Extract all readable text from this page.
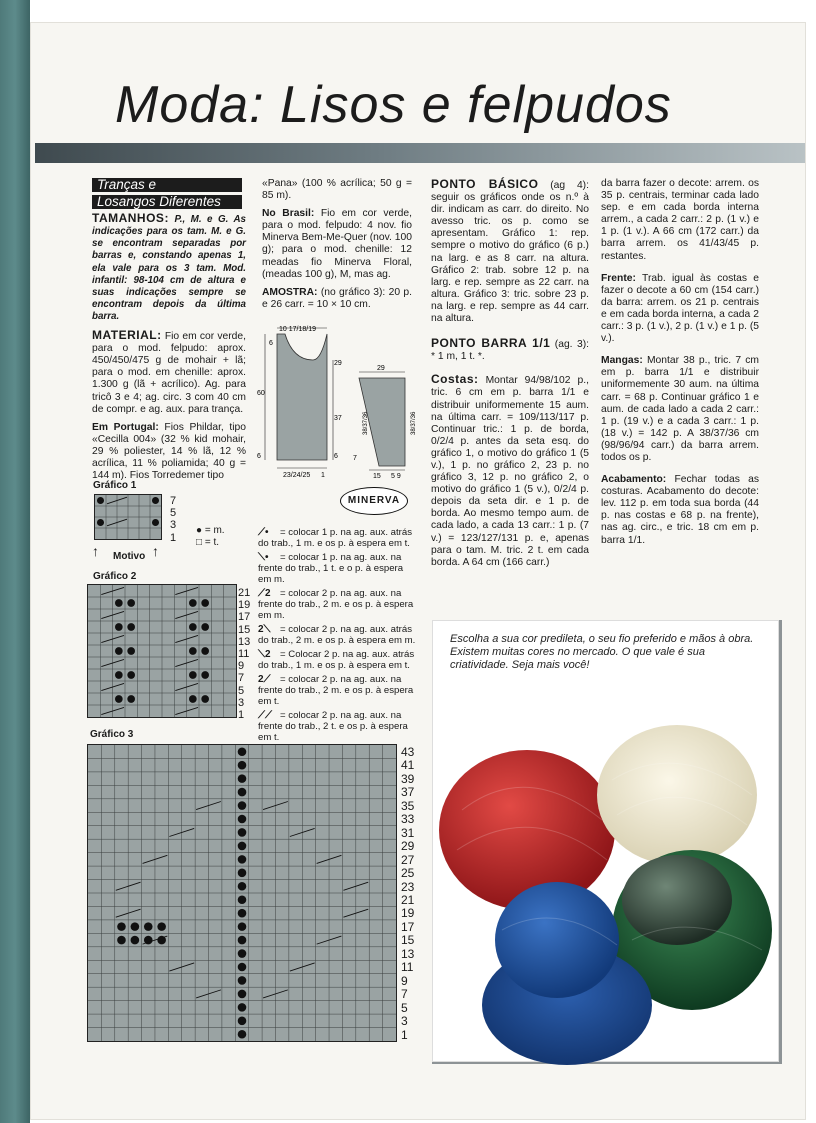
Moda: Lisos e felpudos
Tranças e Losangos Diferentes

TAMANHOS: P., M. e G. As indicações para os tam. M. e G. se encontram separadas por barras e, constando apenas 1, ela vale para os 3 tam. Mod. infantil: 98-104 cm de altura e suas indicações sempre se encontram depois da última barra.

MATERIAL: Fio em cor verde, para o mod. felpudo: aprox. 450/450/475 g de mohair + lã; para o mod. em chenille: aprox. 1.300 g (lã + acrílico). Ag. para tricô 3 e 4; ag. circ. 3 com 40 cm de compr. e ag. aux. para trança.

Em Portugal: Fios Phildar, tipo «Cecilla 004» (32 % kid mohair, 29 % poliester, 14 % lã, 12 % acrílica, 11 % poliamida; 40 g = 144 m). Fios Torredemer tipo

«Pana» (100 % acrílica; 50 g = 85 m).

No Brasil: Fio em cor verde, para o mod. felpudo: 4 nov. fio Minerva Bem-Me-Quer (nov. 100 g); para o mod. chenille: 12 meadas fio Minerva Floral, (meadas 100 g), M, mas ag.

AMOSTRA: (no gráfico 3): 20 p. e 26 carr. = 10 × 10 cm.

10 17/18/19
60
6
29
37
6
23/24/25
6
1
29
38/37/36	38/37/36
15 5 9
7
MINERVA
Gráfico 1
7
5
3
1
↑	↑
Motivo
● = m.
□ = t.
Gráfico 2
21
19
17
15
13
11
9
7
5
3
1
⟋• = colocar 1 p. na ag. aux. atrás do trab., 1 m. e os p. à espera em t.
⟍• = colocar 1 p. na ag. aux. na frente do trab., 1 t. e o p. à espera em m.
⟋2 = colocar 2 p. na ag. aux. na frente do trab., 2 m. e os p. à espera em m.
2⟍ = colocar 2 p. na ag. aux. atrás do trab., 2 m. e os p. à espera em m.
⟍2 = Colocar 2 p. na ag. aux. atrás do trab., 1 m. e os p. à espera em t.
2⟋ = colocar 2 p. na ag. aux. na frente do trab., 2 m. e os p. à espera em t.
⟋⟋ = colocar 2 p. na ag. aux. na frente do trab., 2 t. e os p. à espera em t.
Gráfico 3
43
41
39
37
35
33
31
29
27
25
23
21
19
17
15
13
11
9
7
5
3
1

PONTO BÁSICO (ag 4): seguir os gráficos onde os n.º à dir. indicam as carr. do direito. No avesso tric. os p. como se apresentam. Gráfico 1: rep. sempre o motivo do gráfico (6 p.) na larg. e as 8 carr. na altura. Gráfico 2: trab. sobre 12 p. na larg. e rep. sempre as 22 carr. na altura. Gráfico 3: tric. sobre 23 p. na larg. e rep. sempre as 44 carr. na altura.

PONTO BARRA 1/1 (ag. 3): * 1 m, 1 t. *.

Costas: Montar 94/98/102 p., tric. 6 cm em p. barra 1/1 e distribuir uniformemente 15 aum. na última carr. = 109/113/117 p. Continuar tric.: 1 p. de borda, 0/2/4 p. antes da seta esq. do gráfico 1, o motivo do gráfico 1 (5 v.), 1 p. no gráfico 2, 23 p. no gráfico 3, 12 p. no gráfico 2, o motivo do gráfico 1 (5 v.), 0/2/4 p. depois da seta dir. e 1 p. de borda. Ao mesmo tempo aum. de cada lado, a cada 13 carr.: 1 p. (7 v.) = 123/127/131 p. e, apenas para o tam. M. tric. 2 t. em cada borda. A 64 cm (166 carr.)

da barra fazer o decote: arrem. os 35 p. centrais, terminar cada lado sep. e em cada borda interna arrem., a cada 2 carr.: 2 p. (1 v.) e 1 p. (1 v.). A 66 cm (172 carr.) da barra arrem. os 41/43/45 p. restantes.

Frente: Trab. igual às costas e fazer o decote a 60 cm (154 carr.) da barra: arrem. os 21 p. centrais e em cada borda interna, a cada 2 carr.: 3 p. (1 v.), 2 p. (1 v.) e 1 p. (5 v.).

Mangas: Montar 38 p., tric. 7 cm em p. barra 1/1 e distribuir uniformemente 30 aum. na última carr. = 68 p. Continuar gráfico 1 e aum. de cada lado a cada 2 carr.: 1 p. (19 v.) e a cada 3 carr.: 1 p. (18 v.) = 142 p. A 38/37/36 cm (98/96/94 carr.) da barra arrem. todos os p.

Acabamento: Fechar todas as costuras. Acabamento do decote: lev. 112 p. em toda sua borda (44 p. nas costas e 68 p. na frente), nas ag. circ., e tric. 18 cm em p. barra 1/1.

Escolha a sua cor predileta, o seu fio preferido e mãos à obra. Existem muitas cores no mercado. O que vale é sua criatividade. Seja mais você!
